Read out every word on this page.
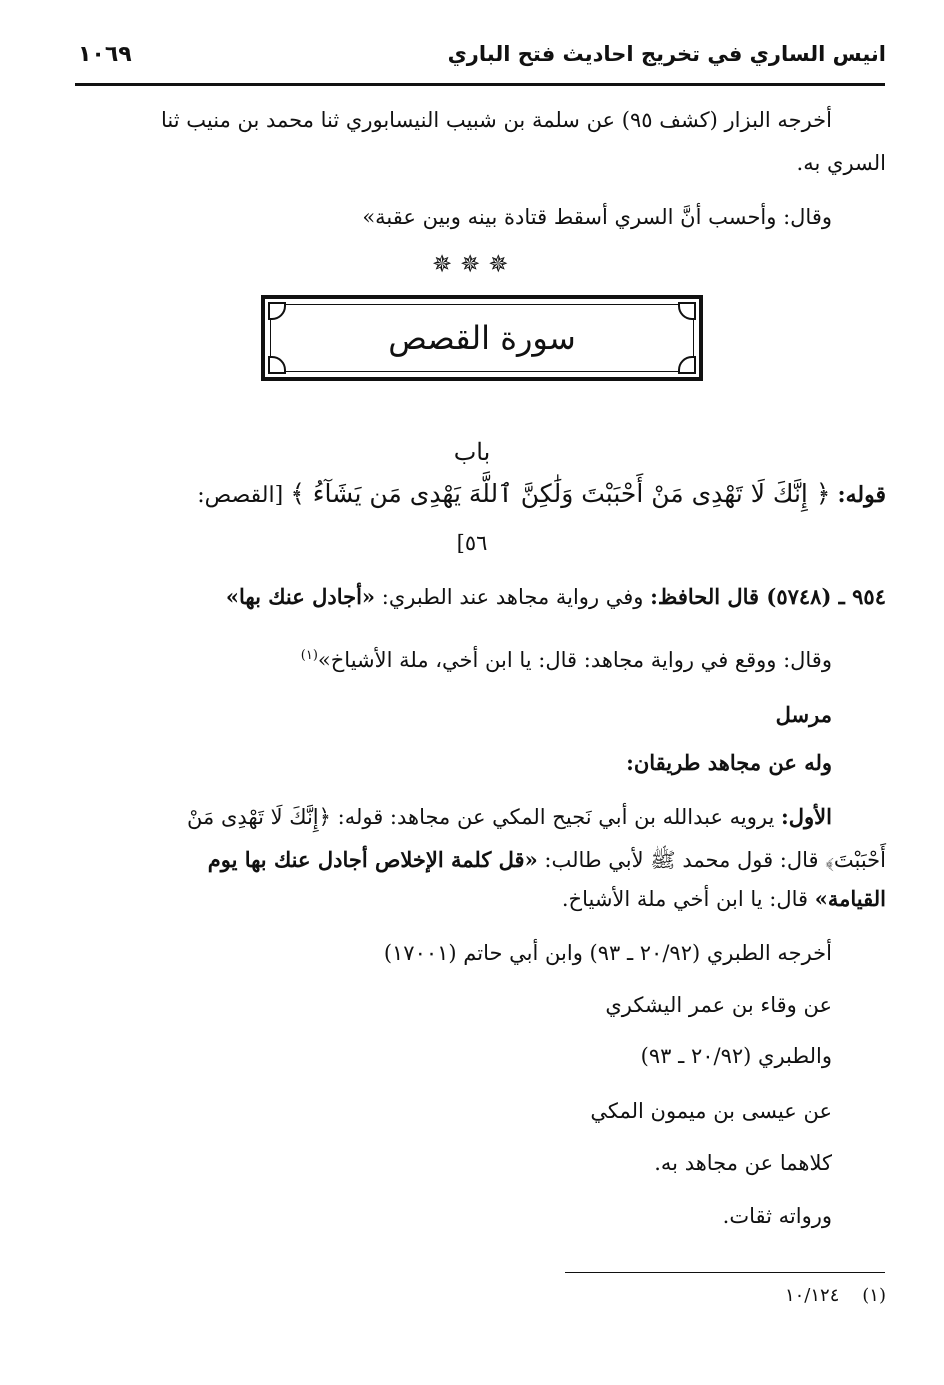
انيس الساري في تخريج احاديث فتح الباري
١٠٦٩
أخرجه البزار (كشف ٩٥) عن سلمة بن شبيب النيسابوري ثنا محمد بن منيب ثنا
السري به.
وقال: وأحسب أنَّ السري أسقط قتادة بينه وبين عقبة»
✵✵✵
سورة القصص
باب
قوله: ﴿ إِنَّكَ لَا تَهْدِى مَنْ أَحْبَبْتَ وَلَٰكِنَّ ٱللَّهَ يَهْدِى مَن يَشَآءُ ﴾ [القصص:
٥٦]
٩٥٤ ـ (٥٧٤٨) قال الحافظ: وفي رواية مجاهد عند الطبري: «أجادل عنك بها»
وقال: ووقع في رواية مجاهد: قال: يا ابن أخي، ملة الأشياخ»$^{(١)}$
مرسل
وله عن مجاهد طريقان:
الأول: يرويه عبدالله بن أبي نَجيح المكي عن مجاهد: قوله: ﴿إِنَّكَ لَا تَهْدِى مَنْ
أَحْبَبْتَ﴾ قال: قول محمد ﷺ لأبي طالب: «قل كلمة الإخلاص أجادل عنك بها يوم
القيامة» قال: يا ابن أخي ملة الأشياخ.
أخرجه الطبري (٢٠/٩٢ ـ ٩٣) وابن أبي حاتم (١٧٠٠١)
عن وقاء بن عمر اليشكري
والطبري (٢٠/٩٢ ـ ٩٣)
عن عيسى بن ميمون المكي
كلاهما عن مجاهد به.
ورواته ثقات.
(١)    ١٠/١٢٤
